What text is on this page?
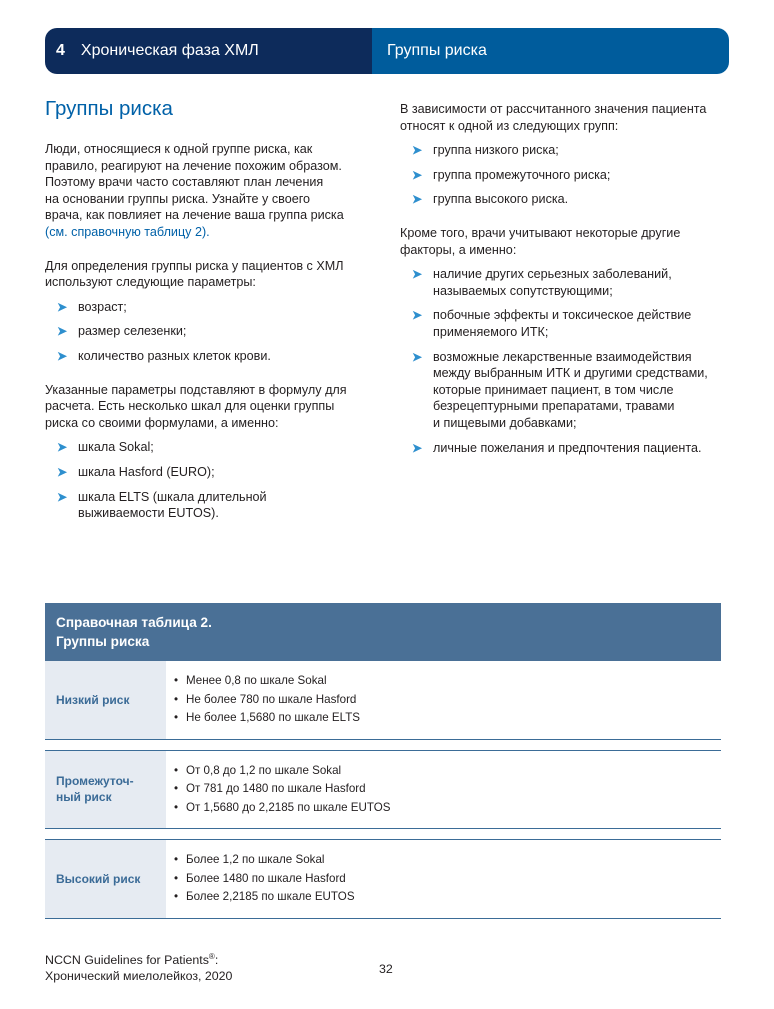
4 Хроническая фаза ХМЛ	Группы риска
Группы риска

Люди, относящиеся к одной группе риска, как
правило, реагируют на лечение похожим образом.
Поэтому врачи часто составляют план лечения
на основании группы риска. Узнайте у своего
врача, как повлияет на лечение ваша группа риска
(см. справочную таблицу 2).

Для определения группы риска у пациентов с ХМЛ
используют следующие параметры:

➤ возраст;
➤ размер селезенки;
➤ количество разных клеток крови.

Указанные параметры подставляют в формулу для
расчета. Есть несколько шкал для оценки группы
риска со своими формулами, а именно:

➤ шкала Sokal;
➤ шкала Hasford (EURO);
➤ шкала ELTS (шкала длительной
выживаемости EUTOS).

В зависимости от рассчитанного значения пациента
относят к одной из следующих групп:

➤ группа низкого риска;
➤ группа промежуточного риска;
➤ группа высокого риска.

Кроме того, врачи учитывают некоторые другие
факторы, а именно:

➤ наличие других серьезных заболеваний,
называемых сопутствующими;
➤ побочные эффекты и токсическое действие
применяемого ИТК;
➤ возможные лекарственные взаимодействия
между выбранным ИТК и другими средствами,
которые принимает пациент, в том числе
безрецептурными препаратами, травами
и пищевыми добавками;
➤ личные пожелания и предпочтения пациента.
Справочная таблица 2.
Группы риска
Низкий риск
• Менее 0,8 по шкале Sokal
• Не более 780 по шкале Hasford
• Не более 1,5680 по шкале ELTS
Промежуточ-
ный риск
• От 0,8 до 1,2 по шкале Sokal
• От 781 до 1480 по шкале Hasford
• От 1,5680 до 2,2185 по шкале EUTOS
Высокий риск
• Более 1,2 по шкале Sokal
• Более 1480 по шкале Hasford
• Более 2,2185 по шкале EUTOS
NCCN Guidelines for Patients®:
Хронический миелолейкоз, 2020
32
